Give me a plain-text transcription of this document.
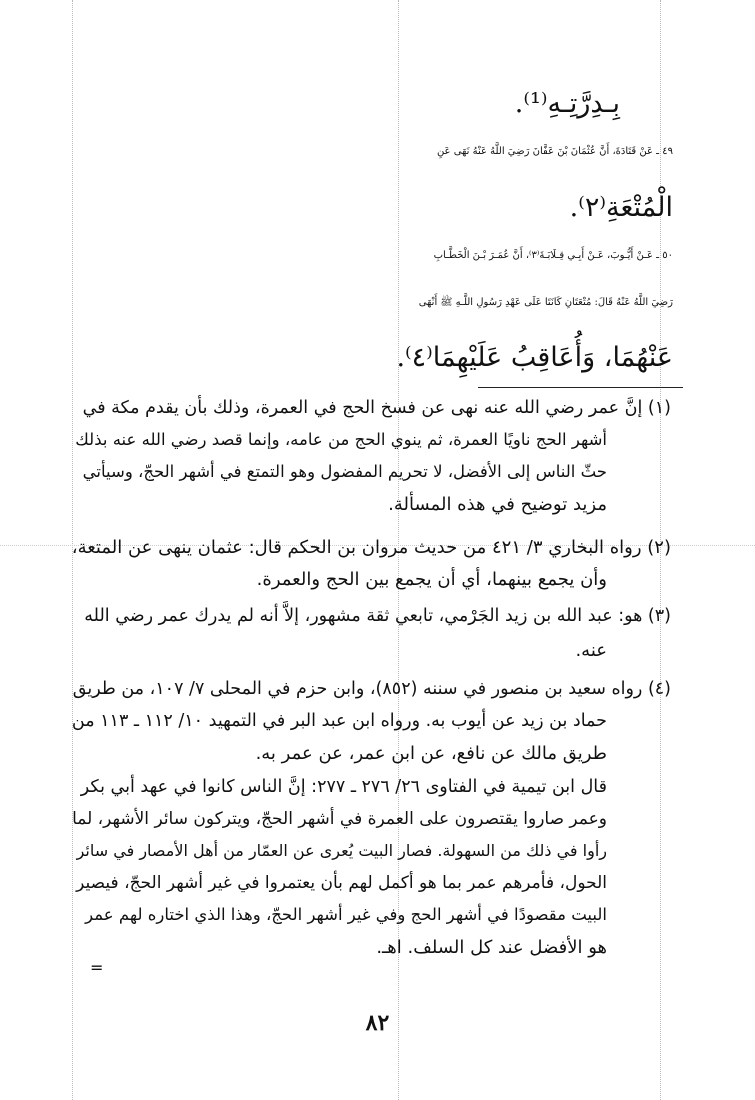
بِـدِرَّتِـهِ⁽¹⁾.
٤٩ ـ عَنْ قَتَادَةَ، أَنَّ عُثْمَانَ بْنَ عَفَّانَ رَضِيَ اللَّهُ عَنْهُ نَهَى عَنِ
الْمُتْعَةِ⁽٢⁾.
٥٠ ـ عَـنْ أَيُّـوبَ، عَـنْ أَبِـي قِـلَابَـةَ⁽٣⁾، أَنَّ عُمَـرَ بْـنَ الْخَطَّـابِ
رَضِيَ اللَّهُ عَنْهُ قَالَ: مُتْعَتَانِ كَانَتَا عَلَى عَهْدِ رَسُولِ اللَّـهِ ﷺ أَنْهَى
عَنْهُمَا، وَأُعَاقِبُ عَلَيْهِمَا⁽٤⁾.
(١) إنَّ عمر رضي الله عنه نهى عن فسخ الحج في العمرة، وذلك بأن يقدم مكة في
أشهر الحج ناويًا العمرة، ثم ينوي الحج من عامه، وإنما قصد رضي الله عنه بذلك
حثّ الناس إلى الأفضل، لا تحريم المفضول وهو التمتع في أشهر الحجّ، وسيأتي
مزيد توضيح في هذه المسألة.
(٢) رواه البخاري ٣/ ٤٢١ من حديث مروان بن الحكم قال: عثمان ينهى عن المتعة،
وأن يجمع بينهما، أي أن يجمع بين الحج والعمرة.
(٣) هو: عبد الله بن زيد الجَرْمي، تابعي ثقة مشهور، إلاَّ أنه لم يدرك عمر رضي الله
عنه.
(٤) رواه سعيد بن منصور في سننه (٨٥٢)، وابن حزم في المحلى ٧/ ١٠٧، من طريق
حماد بن زيد عن أيوب به. ورواه ابن عبد البر في التمهيد ١٠/ ١١٢ ـ ١١٣ من
طريق مالك عن نافع، عن ابن عمر، عن عمر به.
قال ابن تيمية في الفتاوى ٢٦/ ٢٧٦ ـ ٢٧٧: إنَّ الناس كانوا في عهد أبي بكر
وعمر صاروا يقتصرون على العمرة في أشهر الحجّ، ويتركون سائر الأشهر، لما
رأوا في ذلك من السهولة. فصار البيت يُعرى عن العمّار من أهل الأمصار في سائر
الحول، فأمرهم عمر بما هو أكمل لهم بأن يعتمروا في غير أشهر الحجّ، فيصير
البيت مقصودًا في أشهر الحج وفي غير أشهر الحجّ، وهذا الذي اختاره لهم عمر
هو الأفضل عند كل السلف. اهـ.
=
٨٢
